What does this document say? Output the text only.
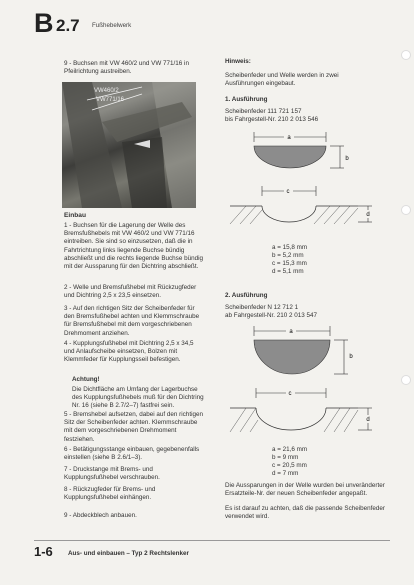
B 2.7 Fußhebelwerk
9 - Buchsen mit VW 460/2 und VW 771/16 in Pfeilrichtung austreiben.
VW460/2
VW771/16
Einbau
1 - Buchsen für die Lagerung der Welle des Bremsfußhebels mit VW 460/2 und VW 771/16 eintreiben. Sie sind so einzusetzen, daß die in Fahrtrichtung links liegende Buchse bündig abschließt und die rechts liegende Buchse bündig mit der Aussparung für den Dichtring abschließt.
2 - Welle und Bremsfußhebel mit Rückzugfeder und Dichtring 2,5 x 23,5 einsetzen.
3 - Auf den richtigen Sitz der Scheibenfeder für den Bremsfußhebel achten und Klemmschraube für Bremsfußhebel mit dem vorgeschriebenen Drehmoment anziehen.
4 - Kupplungsfußhebel mit Dichtring 2,5 x 34,5 und Anlaufscheibe einsetzen, Bolzen mit Klemmfeder für Kupplungsseil befestigen.
Achtung!
Die Dichtfläche am Umfang der Lagerbuchse des Kupplungsfußhebels muß für den Dichtring Nr. 16 (siehe B 2.7/2–7) fastfrei sein.
5 - Bremshebel aufsetzen, dabei auf den richtigen Sitz der Scheibenfeder achten. Klemmschraube mit dem vorgeschriebenen Drehmoment festziehen.
6 - Betätigungsstange einbauen, gegebenenfalls einstellen (siehe B 2.6/1–3).
7 - Druckstange mit Brems- und Kupplungsfußhebel verschrauben.
8 - Rückzugfeder für Brems- und Kupplungsfußhebel einhängen.
9 - Abdeckblech anbauen.
Hinweis:
Scheibenfeder und Welle werden in zwei Ausführungen eingebaut.
1. Ausführung
Scheibenfeder 111 721 157
bis Fahrgestell-Nr. 210 2 013 546
a
b
c
d
a = 15,8 mm
b = 5,2 mm
c = 15,3 mm
d = 5,1 mm
2. Ausführung
Scheibenfeder N 12 712 1
ab Fahrgestell-Nr. 210 2 013 547
a
b
c
d
a = 21,6 mm
b = 9 mm
c = 20,5 mm
d = 7 mm
Die Aussparungen in der Welle wurden bei unveränderter Ersatzteile-Nr. der neuen Scheibenfeder angepaßt.
Es ist darauf zu achten, daß die passende Scheibenfeder verwendet wird.
1-6 Aus- und einbauen – Typ 2 Rechtslenker
